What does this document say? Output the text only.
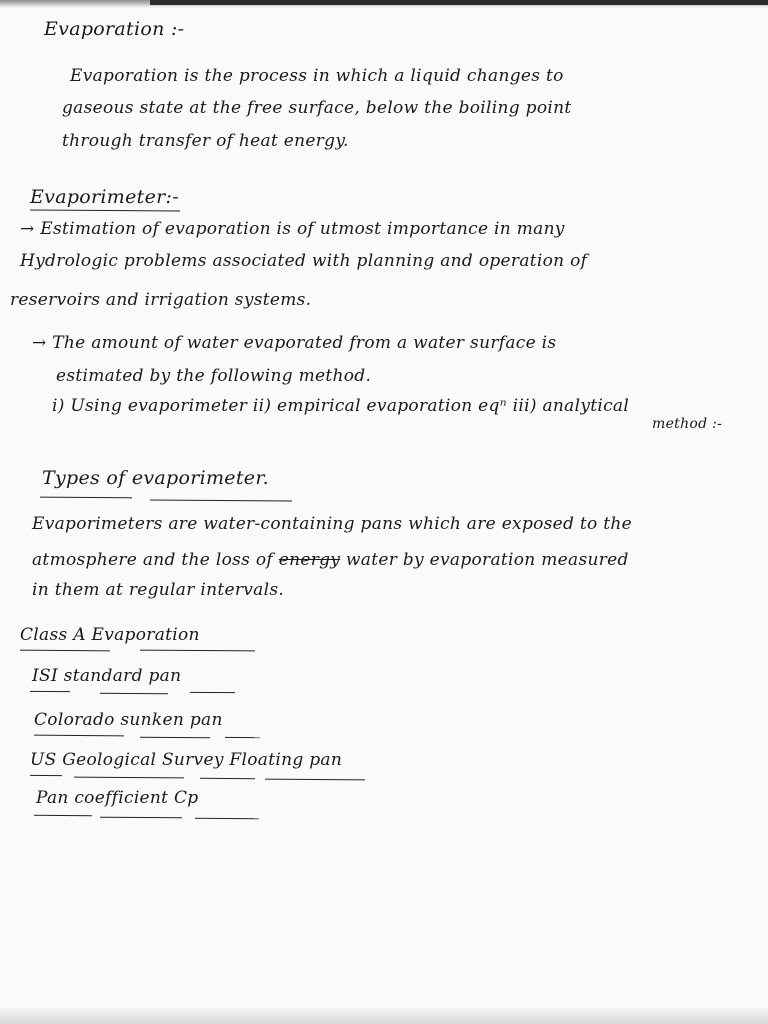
Evaporation :-
Evaporation is the process in which a liquid changes to
gaseous state at the free surface, below the boiling point
through transfer of heat energy.
Evaporimeter:-
→ Estimation of evaporation is of utmost importance in many
Hydrologic problems associated with planning and operation of
reservoirs and irrigation systems.
→ The amount of water evaporated from a water surface is
estimated by the following method.
i) Using evaporimeter ii) empirical evaporation eqⁿ iii) analytical
method :-
Types of evaporimeter.
Evaporimeters are water-containing pans which are exposed to the
atmosphere and the loss of energy water by evaporation measured
in them at regular intervals.
Class A Evaporation
ISI standard pan
Colorado sunken pan
US Geological Survey Floating pan
Pan coefficient Cp
